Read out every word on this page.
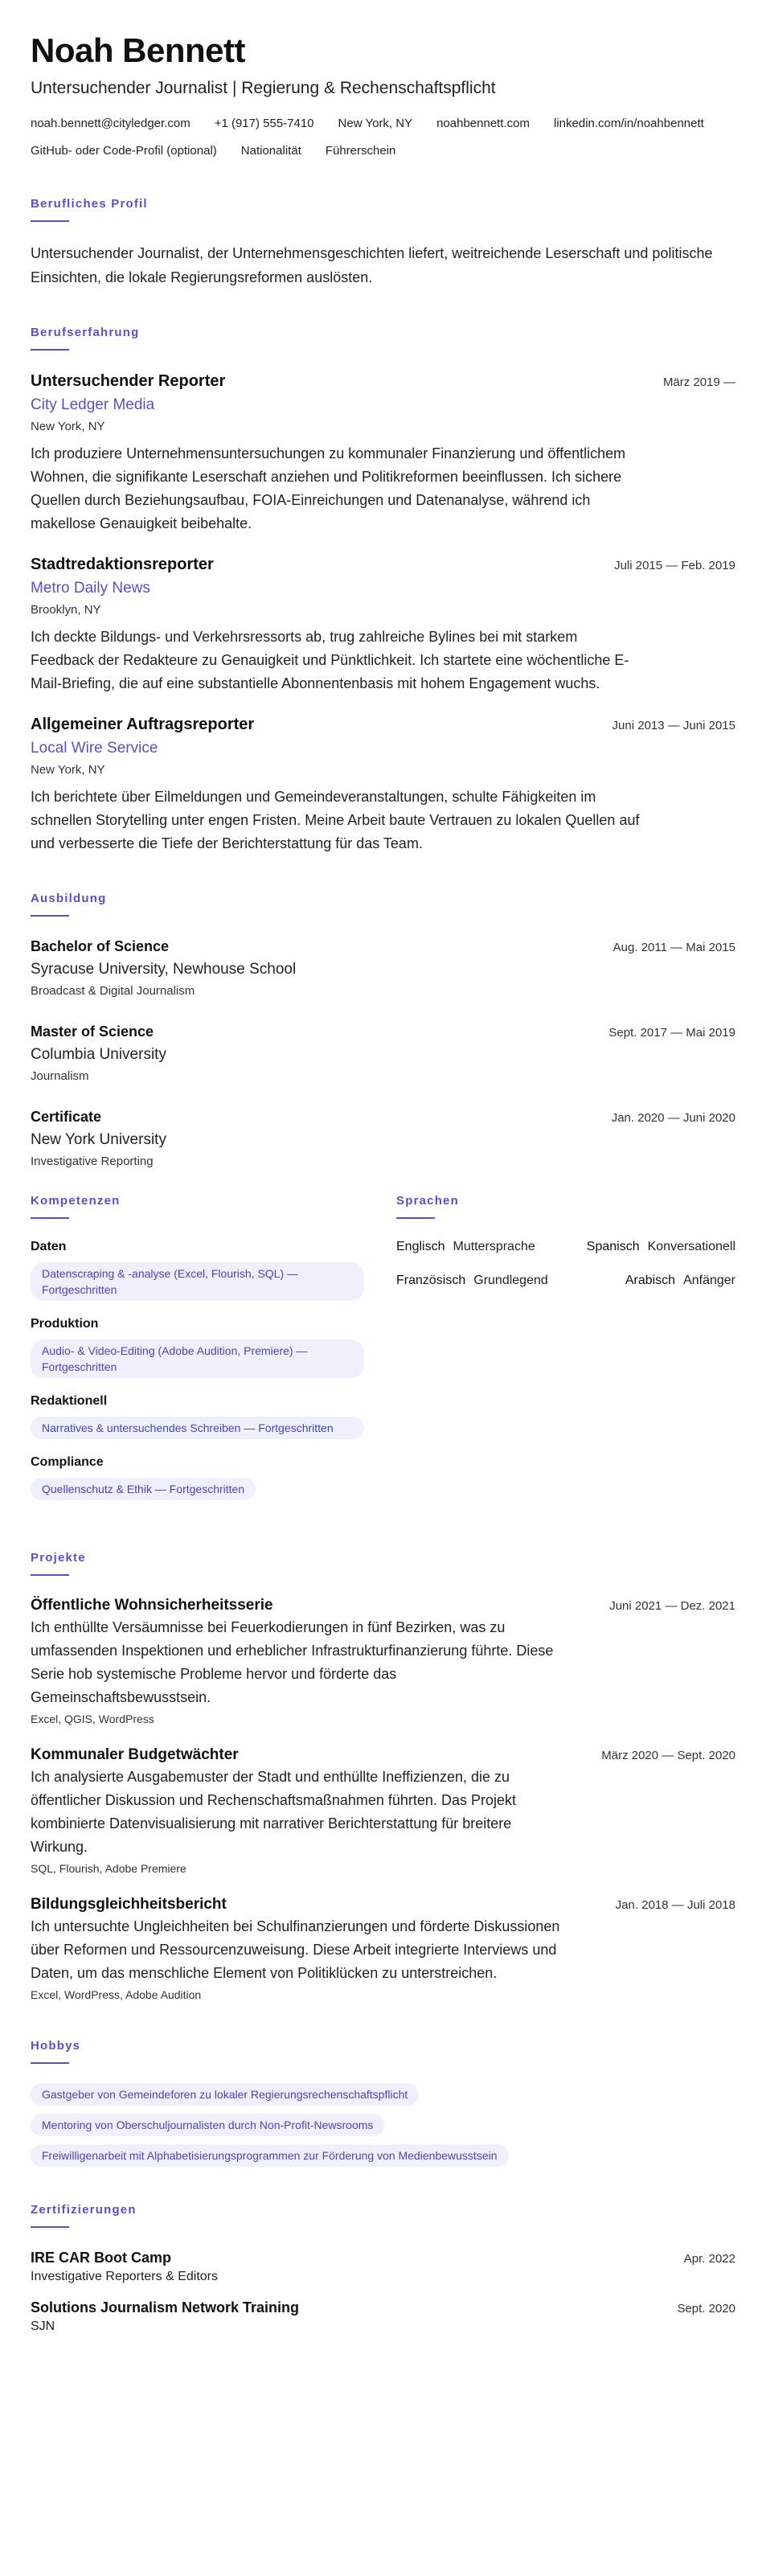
Noah Bennett
Untersuchender Journalist | Regierung & Rechenschaftspflicht
noah.bennett@cityledger.com +1 (917) 555-7410 New York, NY noahbennett.com linkedin.com/in/noahbennett
GitHub- oder Code-Profil (optional) Nationalität Führerschein
Berufliches Profil

Untersuchender Journalist, der Unternehmensgeschichten liefert, weitreichende Leserschaft und politische Einsichten, die lokale Regierungsreformen auslösten.

Berufserfahrung
Untersuchender Reporter	März 2019 —
City Ledger Media
New York, NY

Ich produziere Unternehmensuntersuchungen zu kommunaler Finanzierung und öffentlichem Wohnen, die signifikante Leserschaft anziehen und Politikreformen beeinflussen. Ich sichere Quellen durch Beziehungsaufbau, FOIA-Einreichungen und Datenanalyse, während ich makellose Genauigkeit beibehalte.

Stadtredaktionsreporter	Juli 2015 — Feb. 2019
Metro Daily News
Brooklyn, NY

Ich deckte Bildungs- und Verkehrsressorts ab, trug zahlreiche Bylines bei mit starkem Feedback der Redakteure zu Genauigkeit und Pünktlichkeit. Ich startete eine wöchentliche E-Mail-Briefing, die auf eine substantielle Abonnentenbasis mit hohem Engagement wuchs.

Allgemeiner Auftragsreporter	Juni 2013 — Juni 2015
Local Wire Service
New York, NY

Ich berichtete über Eilmeldungen und Gemeindeveranstaltungen, schulte Fähigkeiten im schnellen Storytelling unter engen Fristen. Meine Arbeit baute Vertrauen zu lokalen Quellen auf und verbesserte die Tiefe der Berichterstattung für das Team.

Ausbildung
Bachelor of Science	Aug. 2011 — Mai 2015
Syracuse University, Newhouse School
Broadcast & Digital Journalism
Master of Science	Sept. 2017 — Mai 2019
Columbia University
Journalism
Certificate	Jan. 2020 — Juni 2020
New York University
Investigative Reporting
Kompetenzen
Daten
Datenscraping & -analyse (Excel, Flourish, SQL) — Fortgeschritten
Produktion
Audio- & Video-Editing (Adobe Audition, Premiere) — Fortgeschritten
Redaktionell
Narratives & untersuchendes Schreiben — Fortgeschritten
Compliance
Quellenschutz & Ethik — Fortgeschritten
Sprachen
Englisch Muttersprache	Spanisch Konversationell
Französisch Grundlegend	Arabisch Anfänger
Projekte
Öffentliche Wohnsicherheitsserie	Juni 2021 — Dez. 2021

Ich enthüllte Versäumnisse bei Feuerkodierungen in fünf Bezirken, was zu umfassenden Inspektionen und erheblicher Infrastrukturfinanzierung führte. Diese Serie hob systemische Probleme hervor und förderte das Gemeinschaftsbewusstsein.

Excel, QGIS, WordPress
Kommunaler Budgetwächter	März 2020 — Sept. 2020

Ich analysierte Ausgabemuster der Stadt und enthüllte Ineffizienzen, die zu öffentlicher Diskussion und Rechenschaftsmaßnahmen führten. Das Projekt kombinierte Datenvisualisierung mit narrativer Berichterstattung für breitere Wirkung.

SQL, Flourish, Adobe Premiere
Bildungsgleichheitsbericht	Jan. 2018 — Juli 2018

Ich untersuchte Ungleichheiten bei Schulfinanzierungen und förderte Diskussionen über Reformen und Ressourcenzuweisung. Diese Arbeit integrierte Interviews und Daten, um das menschliche Element von Politiklücken zu unterstreichen.

Excel, WordPress, Adobe Audition
Hobbys
Gastgeber von Gemeindeforen zu lokaler Regierungsrechenschaftspflicht
Mentoring von Oberschuljournalisten durch Non-Profit-Newsrooms
Freiwilligenarbeit mit Alphabetisierungsprogrammen zur Förderung von Medienbewusstsein
Zertifizierungen
IRE CAR Boot Camp	Apr. 2022
Investigative Reporters & Editors
Solutions Journalism Network Training	Sept. 2020
SJN
